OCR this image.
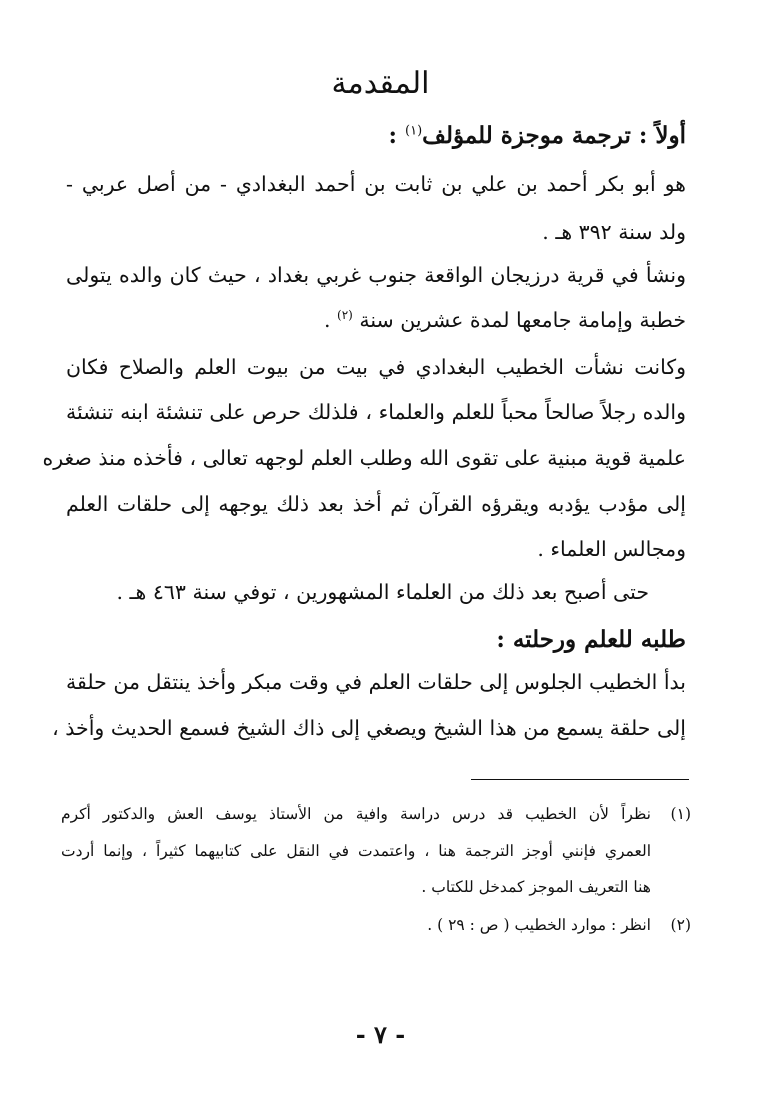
المقدمة
أولاً : ترجمة موجزة للمؤلف$^{(١)}$ :
هو أبو بكر أحمد بن علي بن ثابت بن أحمد البغدادي - من أصل عربي -
ولد سنة ٣٩٢ هـ .
ونشأ في قرية درزيجان الواقعة جنوب غربي بغداد ، حيث كان والده يتولى
خطبة وإمامة جامعها لمدة عشرين سنة $^{(٢)}$ .
وكانت نشأت الخطيب البغدادي في بيت من بيوت العلم والصلاح فكان
والده رجلاً صالحاً محباً للعلم والعلماء ، فلذلك حرص على تنشئة ابنه تنشئة
علمية قوية مبنية على تقوى الله وطلب العلم لوجهه تعالى ، فأخذه منذ صغره
إلى مؤدب يؤدبه ويقرؤه القرآن ثم أخذ بعد ذلك يوجهه إلى حلقات العلم
ومجالس العلماء .
حتى أصبح بعد ذلك من العلماء المشهورين ، توفي سنة ٤٦٣ هـ .
طلبه للعلم ورحلته :
بدأ الخطيب الجلوس إلى حلقات العلم في وقت مبكر وأخذ ينتقل من حلقة
إلى حلقة يسمع من هذا الشيخ ويصغي إلى ذاك الشيخ فسمع الحديث وأخذ ،
(١)
نظراً لأن الخطيب قد درس دراسة وافية من الأستاذ يوسف العش والدكتور أكرم
العمري فإنني أوجز الترجمة هنا ، واعتمدت في النقل على كتابيهما كثيراً ، وإنما أردت
هنا التعريف الموجز كمدخل للكتاب .
(٢)
انظر : موارد الخطيب ( ص : ٢٩ ) .
- ٧ -
